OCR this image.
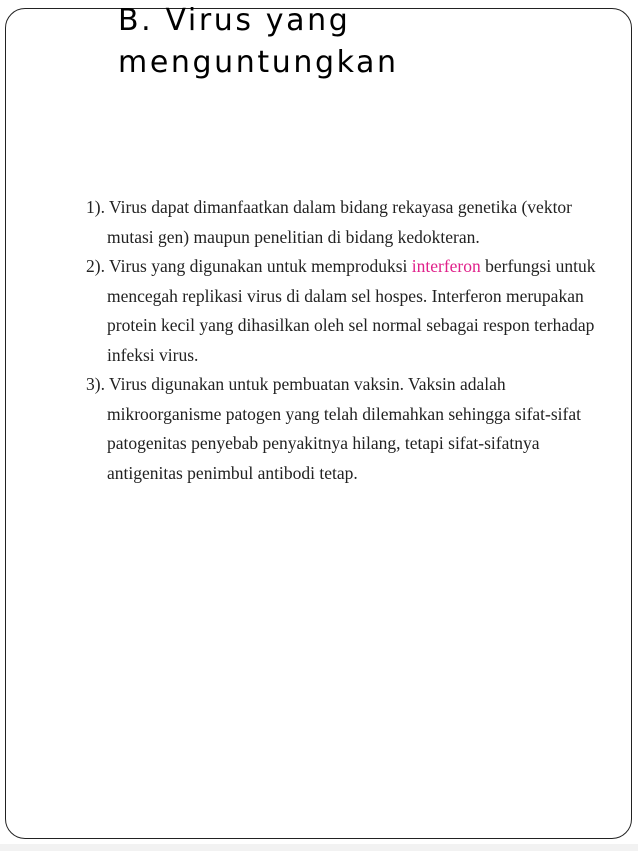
B. Virus yang
menguntungkan
1). Virus dapat dimanfaatkan dalam bidang rekayasa genetika (vektor mutasi gen) maupun penelitian di bidang kedokteran.
2). Virus yang digunakan untuk memproduksi interferon berfungsi untuk mencegah replikasi virus di dalam sel hospes. Interferon merupakan protein kecil yang dihasilkan oleh sel normal sebagai respon terhadap infeksi virus.
3). Virus digunakan untuk pembuatan vaksin. Vaksin adalah mikroorganisme patogen yang telah dilemahkan sehingga sifat-sifat patogenitas penyebab penyakitnya hilang, tetapi sifat-sifatnya antigenitas penimbul antibodi tetap.
